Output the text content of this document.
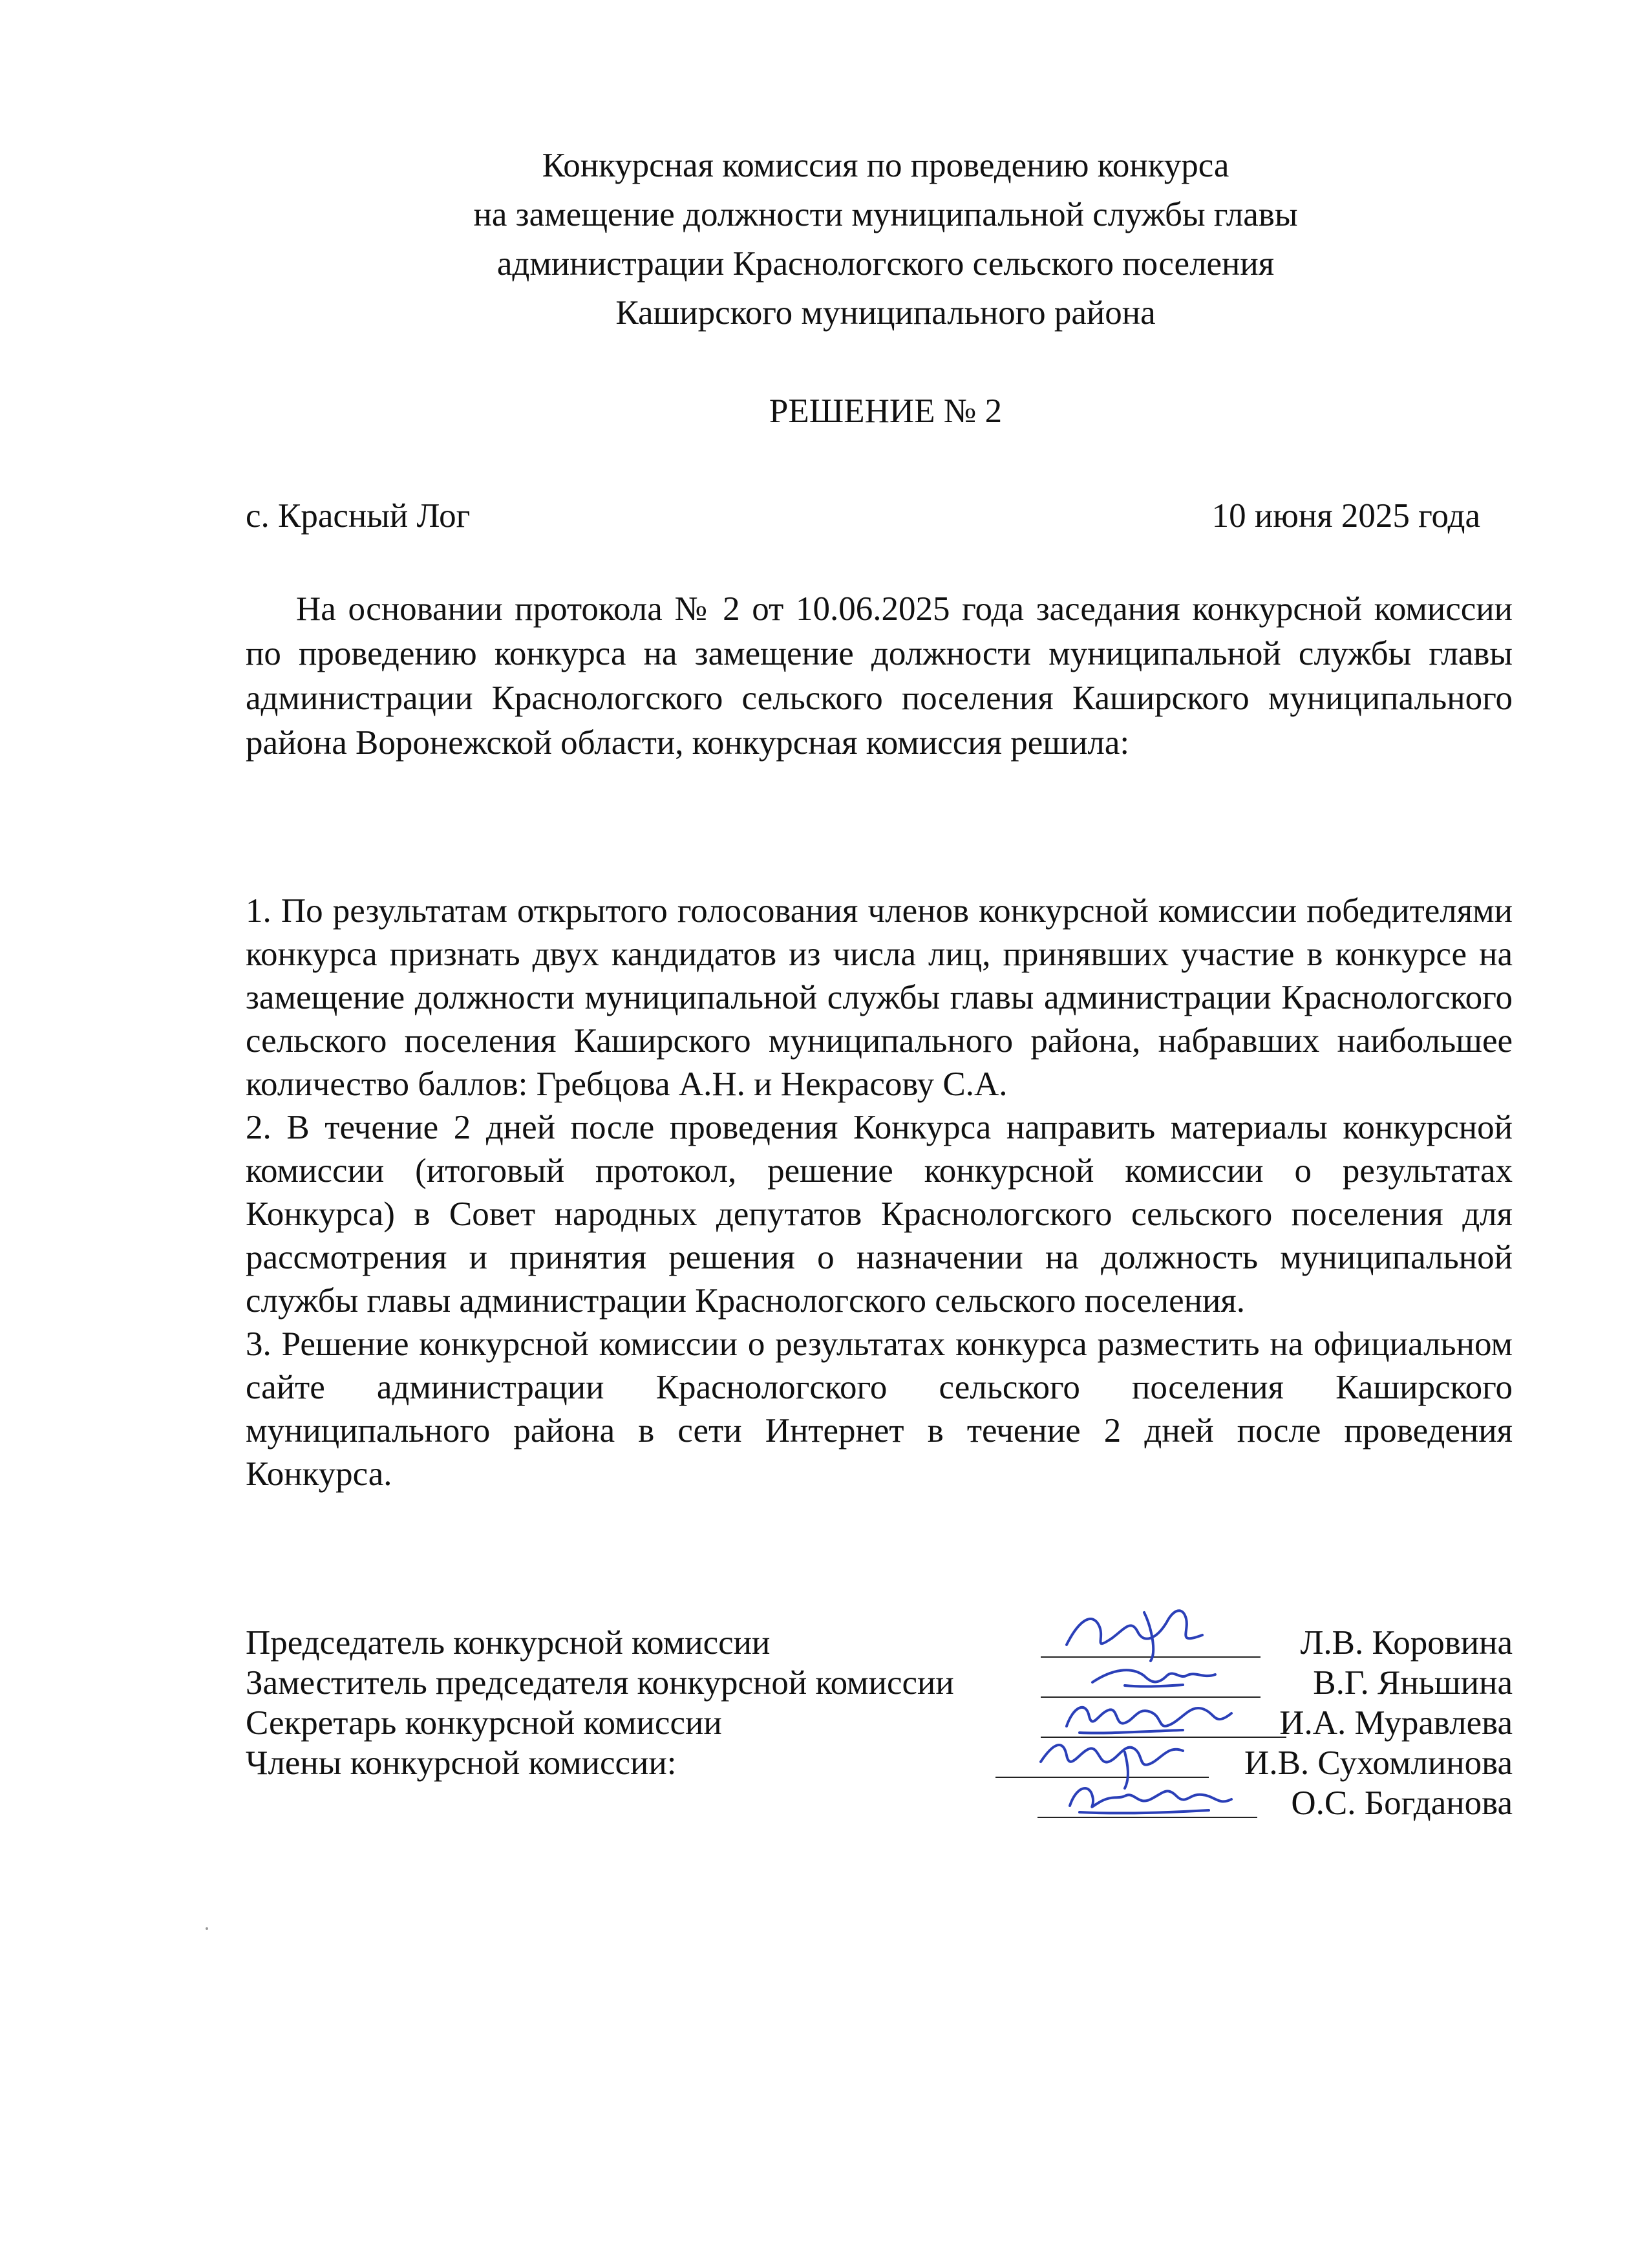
Конкурсная комиссия по проведению конкурса
на замещение должности муниципальной службы главы
администрации Краснологского сельского поселения
Каширского муниципального района
РЕШЕНИЕ № 2
с. Красный Лог	10 июня 2025 года
На основании протокола № 2 от 10.06.2025 года заседания конкурсной комиссии по проведению конкурса на замещение должности муниципальной службы главы администрации Краснологского сельского поселения Каширского муниципального района Воронежской области, конкурсная комиссия решила:

1. По результатам открытого голосования членов конкурсной комиссии победителями конкурса признать двух кандидатов из числа лиц, принявших участие в конкурсе на замещение должности муниципальной службы главы администрации Краснологского сельского поселения Каширского муниципального района, набравших наибольшее количество баллов: Гребцова А.Н. и Некрасову С.А.

2. В течение 2 дней после проведения Конкурса направить материалы конкурсной комиссии (итоговый протокол, решение конкурсной комиссии о результатах Конкурса) в Совет народных депутатов Краснологского сельского поселения для рассмотрения и принятия решения о назначении на должность муниципальной службы главы администрации Краснологского сельского поселения.

3. Решение конкурсной комиссии о результатах конкурса разместить на официальном сайте администрации Краснологского сельского поселения Каширского муниципального района в сети Интернет в течение 2 дней после проведения Конкурса.

Председатель конкурсной комиссии	Л.В. Коровина
Заместитель председателя конкурсной комиссии	В.Г. Яньшина
Секретарь конкурсной комиссии	И.А. Муравлева
Члены конкурсной комиссии:	И.В. Сухомлинова
О.С. Богданова
